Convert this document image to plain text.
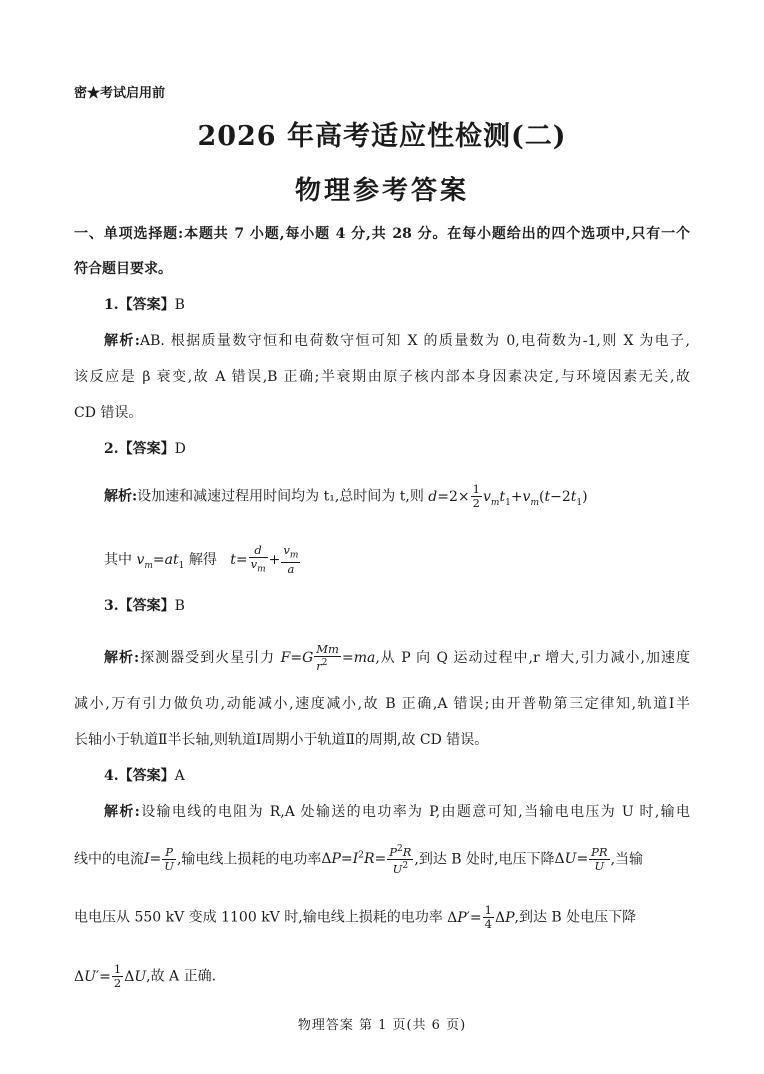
密★考试启用前
2026 年高考适应性检测(二)
物理参考答案
一、单项选择题:本题共 7 小题,每小题 4 分,共 28 分。在每小题给出的四个选项中,只有一个
符合题目要求。
1.【答案】B
解析:AB. 根据质量数守恒和电荷数守恒可知 X 的质量数为 0,电荷数为-1,则 X 为电子,
该反应是 β 衰变,故 A 错误,B 正确;半衰期由原子核内部本身因素决定,与环境因素无关,故
CD 错误。
2.【答案】D
解析:设加速和减速过程用时间均为 t₁,总时间为 t,则 $d=2\times \frac{1}{2} v_mt_1+v_m(t-2t_1)$
其中 $v_m=at_1$ 解得 $t= \frac{d}{v_m} + \frac{v_m}{a}$
3.【答案】B
解析:探测器受到火星引力 $F=G \frac{Mm}{r^2} =ma$,从 P 向 Q 运动过程中,r 增大,引力减小,加速度
减小,万有引力做负功,动能减小,速度减小,故 B 正确,A 错误;由开普勒第三定律知,轨道Ⅰ半
长轴小于轨道Ⅱ半长轴,则轨道Ⅰ周期小于轨道Ⅱ的周期,故 CD 错误。
4.【答案】A
解析:设输电线的电阻为 R,A 处输送的电功率为 P,由题意可知,当输电电压为 U 时,输电
线中的电流$I= \frac{P}{U}$ ,输电线上损耗的电功率$\Delta P=I^2R= \frac{P^2R}{U^2}$ ,到达 B 处时,电压下降$\Delta U= \frac{PR}{U}$ ,当输
电电压从 550 kV 变成 1100 kV 时,输电线上损耗的电功率 $\Delta P'= \frac{1}{4} \Delta P$,到达 B 处电压下降
$\Delta U'= \frac{1}{2} \Delta U$,故 A 正确.
物理答案 第 1 页(共 6 页)
